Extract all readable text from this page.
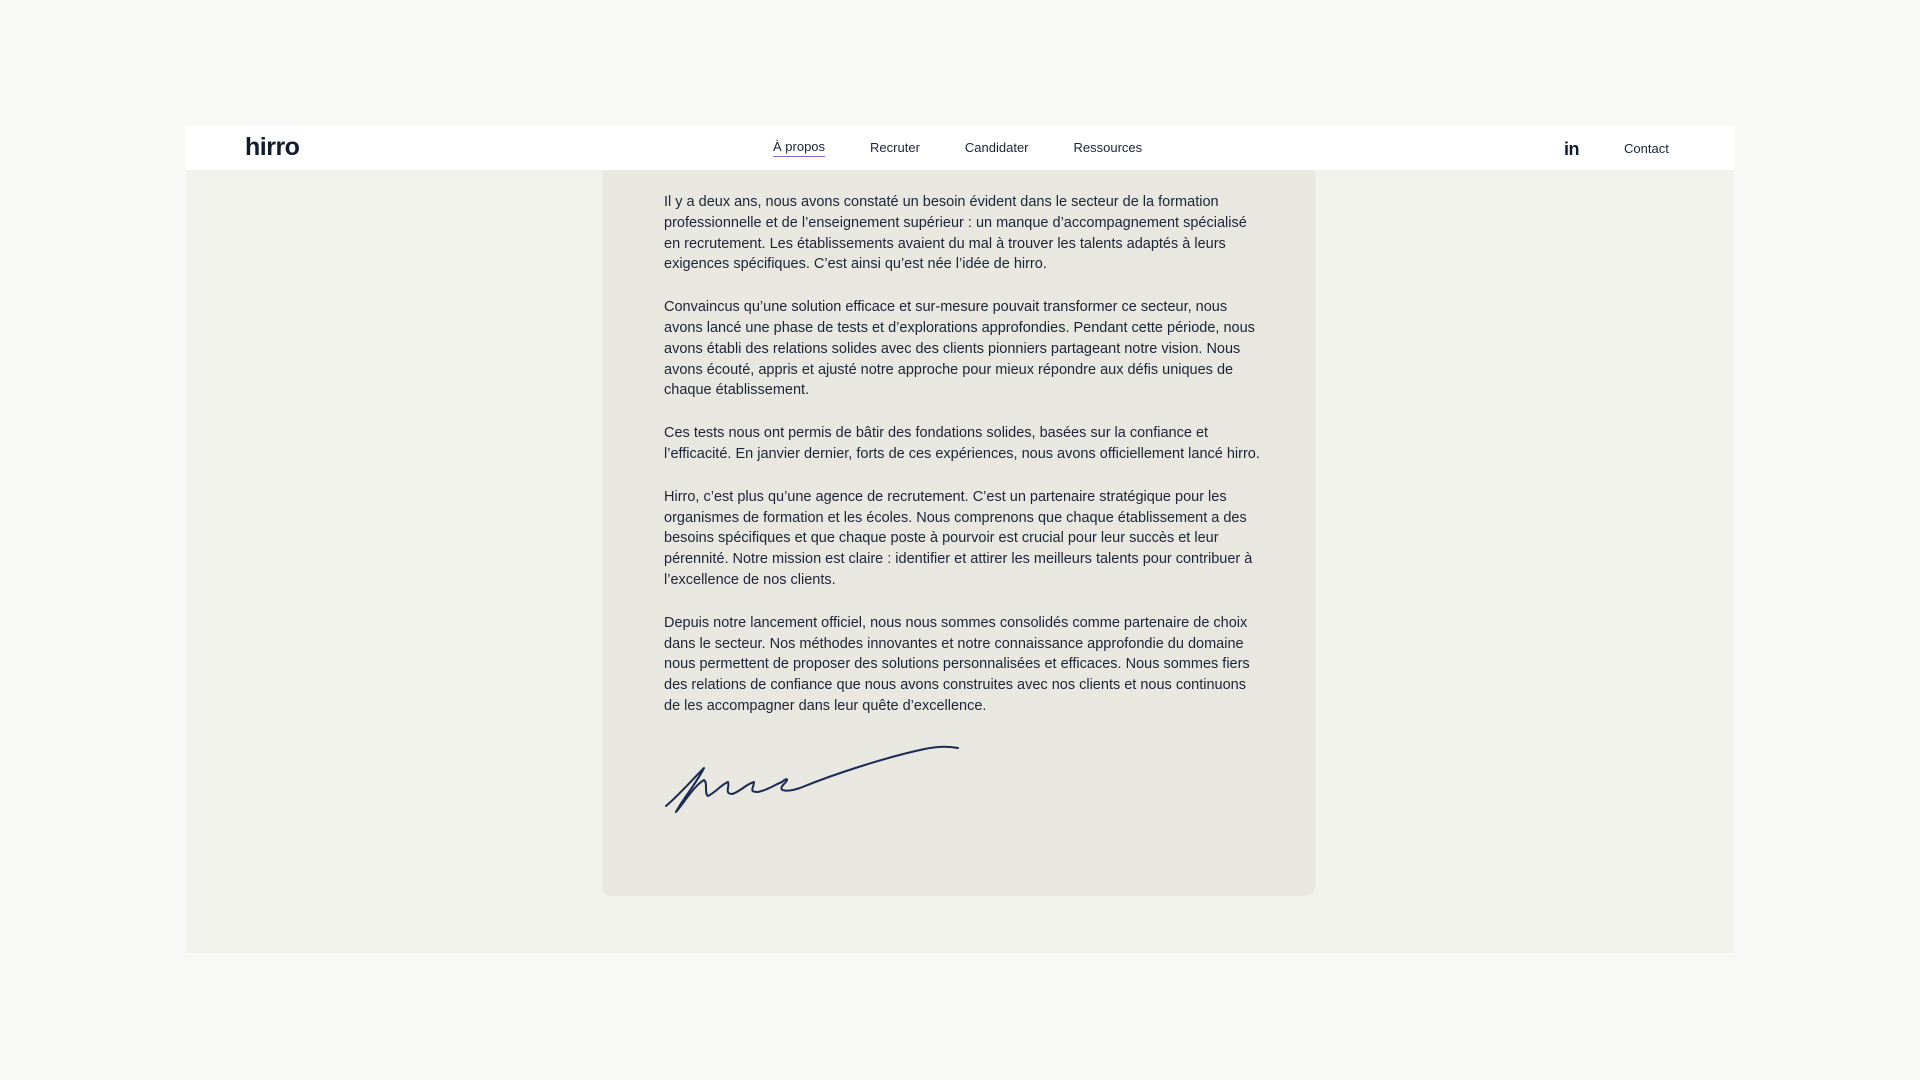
hirro	À propos	Recruter	Candidater	Ressources	in	Contact

Il y a deux ans, nous avons constaté un besoin évident dans le secteur de la formation professionnelle et de l’enseignement supérieur : un manque d’accompagnement spécialisé en recrutement. Les établissements avaient du mal à trouver les talents adaptés à leurs exigences spécifiques. C’est ainsi qu’est née l’idée de hirro.

Convaincus qu’une solution efficace et sur-mesure pouvait transformer ce secteur, nous avons lancé une phase de tests et d’explorations approfondies. Pendant cette période, nous avons établi des relations solides avec des clients pionniers partageant notre vision. Nous avons écouté, appris et ajusté notre approche pour mieux répondre aux défis uniques de chaque établissement.

Ces tests nous ont permis de bâtir des fondations solides, basées sur la confiance et l’efficacité. En janvier dernier, forts de ces expériences, nous avons officiellement lancé hirro.

Hirro, c’est plus qu’une agence de recrutement. C’est un partenaire stratégique pour les organismes de formation et les écoles. Nous comprenons que chaque établissement a des besoins spécifiques et que chaque poste à pourvoir est crucial pour leur succès et leur pérennité. Notre mission est claire : identifier et attirer les meilleurs talents pour contribuer à l’excellence de nos clients.

Depuis notre lancement officiel, nous nous sommes consolidés comme partenaire de choix dans le secteur. Nos méthodes innovantes et notre connaissance approfondie du domaine nous permettent de proposer des solutions personnalisées et efficaces. Nous sommes fiers des relations de confiance que nous avons construites avec nos clients et nous continuons de les accompagner dans leur quête d’excellence.
